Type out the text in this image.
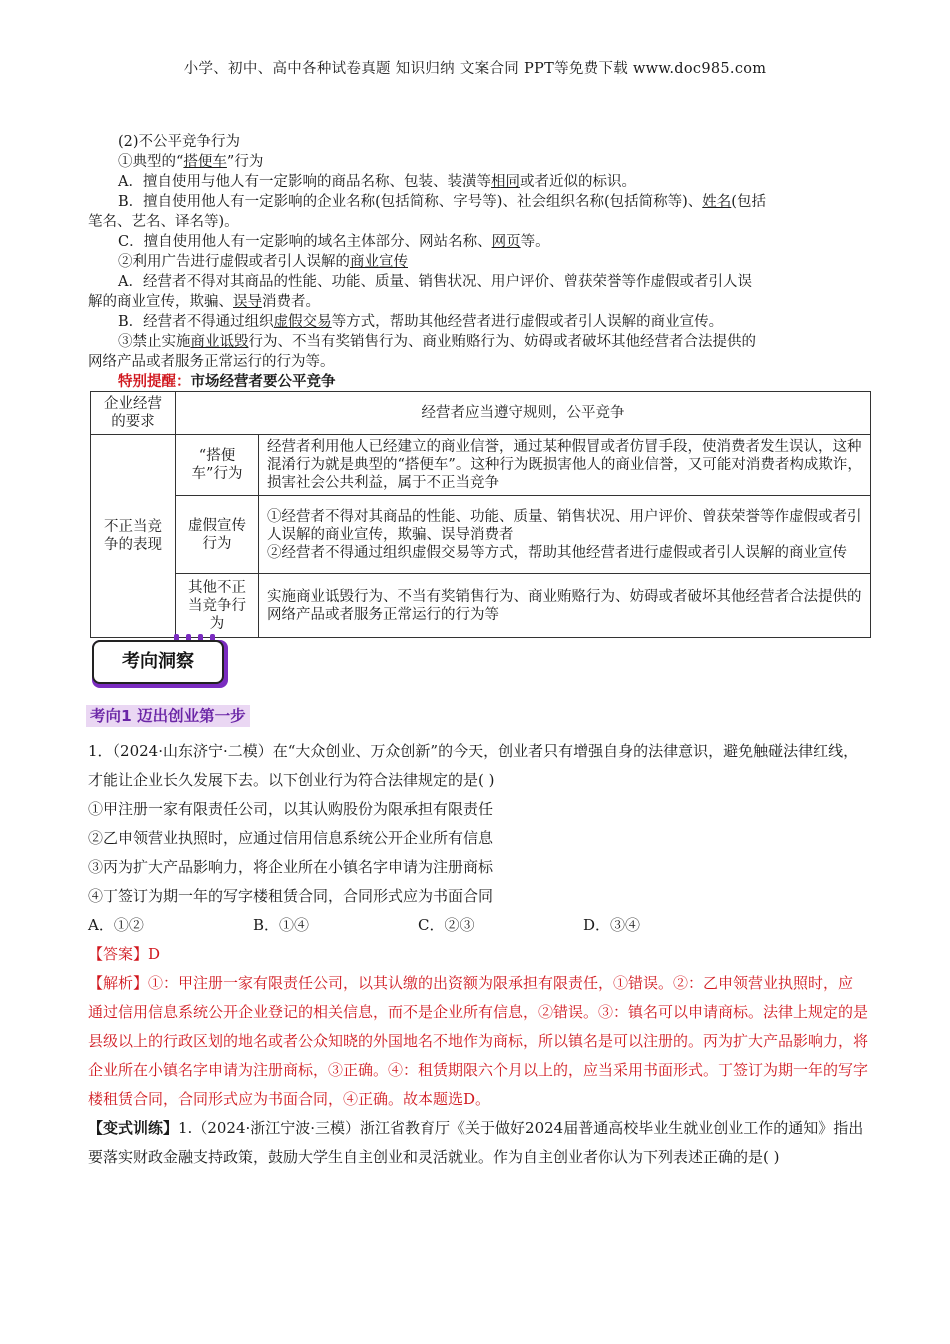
小学、初中、高中各种试卷真题 知识归纳 文案合同 PPT等免费下载 www.doc985.com

(2)不公平竞争行为

①典型的“搭便车”行为

A．擅自使用与他人有一定影响的商品名称、包装、装潢等相同或者近似的标识。

B．擅自使用他人有一定影响的企业名称(包括简称、字号等)、社会组织名称(包括简称等)、姓名(包括

笔名、艺名、译名等)。

C．擅自使用他人有一定影响的域名主体部分、网站名称、网页等。

②利用广告进行虚假或者引人误解的商业宣传

A．经营者不得对其商品的性能、功能、质量、销售状况、用户评价、曾获荣誉等作虚假或者引人误

解的商业宣传，欺骗、误导消费者。

B．经营者不得通过组织虚假交易等方式，帮助其他经营者进行虚假或者引人误解的商业宣传。

③禁止实施商业诋毁行为、不当有奖销售行为、商业贿赂行为、妨碍或者破坏其他经营者合法提供的

网络产品或者服务正常运行的行为等。

特别提醒：市场经营者要公平竞争

企业经营的要求	经营者应当遵守规则，公平竞争	
不正当竞争的表现	“搭便车”行为	经营者利用他人已经建立的商业信誉，通过某种假冒或者仿冒手段，使消费者发生误认，这种混淆行为就是典型的“搭便车”。这种行为既损害他人的商业信誉，又可能对消费者构成欺诈，损害社会公共利益，属于不正当竞争
	虚假宣传行为	①经营者不得对其商品的性能、功能、质量、销售状况、用户评价、曾获荣誉等作虚假或者引人误解的商业宣传，欺骗、误导消费者
②经营者不得通过组织虚假交易等方式，帮助其他经营者进行虚假或者引人误解的商业宣传

	其他不正当竞争行为	实施商业诋毁行为、不当有奖销售行为、商业贿赂行为、妨碍或者破坏其他经营者合法提供的网络产品或者服务正常运行的行为等
考向洞察
考向1 迈出创业第一步

1．（2024·山东济宁·二模）在“大众创业、万众创新”的今天，创业者只有增强自身的法律意识，避免触碰法律红线，才能让企业长久发展下去。以下创业行为符合法律规定的是( )

①甲注册一家有限责任公司，以其认购股份为限承担有限责任

②乙申领营业执照时，应通过信用信息系统公开企业所有信息

③丙为扩大产品影响力，将企业所在小镇名字申请为注册商标

④丁签订为期一年的写字楼租赁合同，合同形式应为书面合同

A．①②	B．①④	C．②③	D．③④

【答案】D

【解析】①：甲注册一家有限责任公司，以其认缴的出资额为限承担有限责任，①错误。②：乙申领营业执照时，应通过信用信息系统公开企业登记的相关信息，而不是企业所有信息，②错误。③：镇名可以申请商标。法律上规定的是县级以上的行政区划的地名或者公众知晓的外国地名不地作为商标，所以镇名是可以注册的。丙为扩大产品影响力，将企业所在小镇名字申请为注册商标，③正确。④：租赁期限六个月以上的，应当采用书面形式。丁签订为期一年的写字楼租赁合同，合同形式应为书面合同，④正确。故本题选D。

【变式训练】1.（2024·浙江宁波·三模）浙江省教育厅《关于做好2024届普通高校毕业生就业创业工作的通知》指出要落实财政金融支持政策，鼓励大学生自主创业和灵活就业。作为自主创业者你认为下列表述正确的是( )
